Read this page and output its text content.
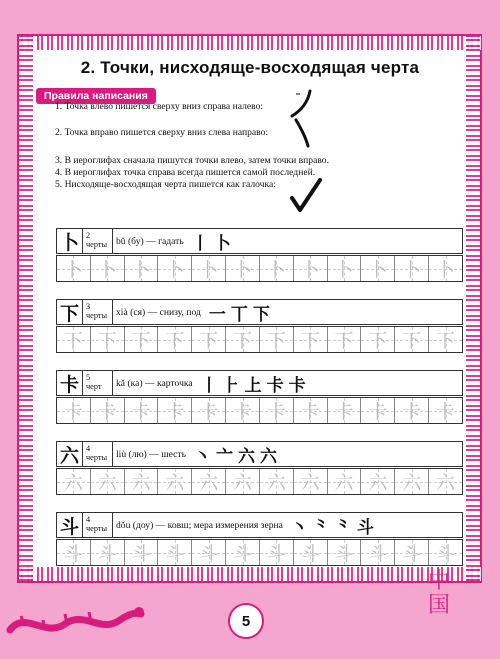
2. Точки, нисходяще-восходящая черта
Правила написания
1. Точка влево пишется сверху вниз справа налево:
2. Точка вправо пишется сверху вниз слева направо:
3. В иероглифах сначала пишутся точки влево, затем точки вправо.
4. В иероглифах точка справа всегда пишется самой последней.
5. Нисходяще-восходящая черта пишется как галочка:
卜 2
черты bǔ (бу) — гадать 丨卜
卜 卜 卜 卜 卜 卜 卜 卜 卜 卜 卜 卜
下 3
черты xià (ся) — снизу, под 一丅下
下 下 下 下 下 下 下 下 下 下 下 下
卡 5
черт	kǎ (ка) — карточка 丨⺊上卡卡
卡 卡 卡 卡 卡 卡 卡 卡 卡 卡 卡 卡
六 4
черты liù (лю) — шесть 丶亠六六
六 六 六 六 六 六 六 六 六 六 六 六
斗 4
черты dǒu (доу) — ковш; мера измерения зерна 丶⺀⺀斗
斗 斗 斗 斗 斗 斗 斗 斗 斗 斗 斗 斗
5
中
国
